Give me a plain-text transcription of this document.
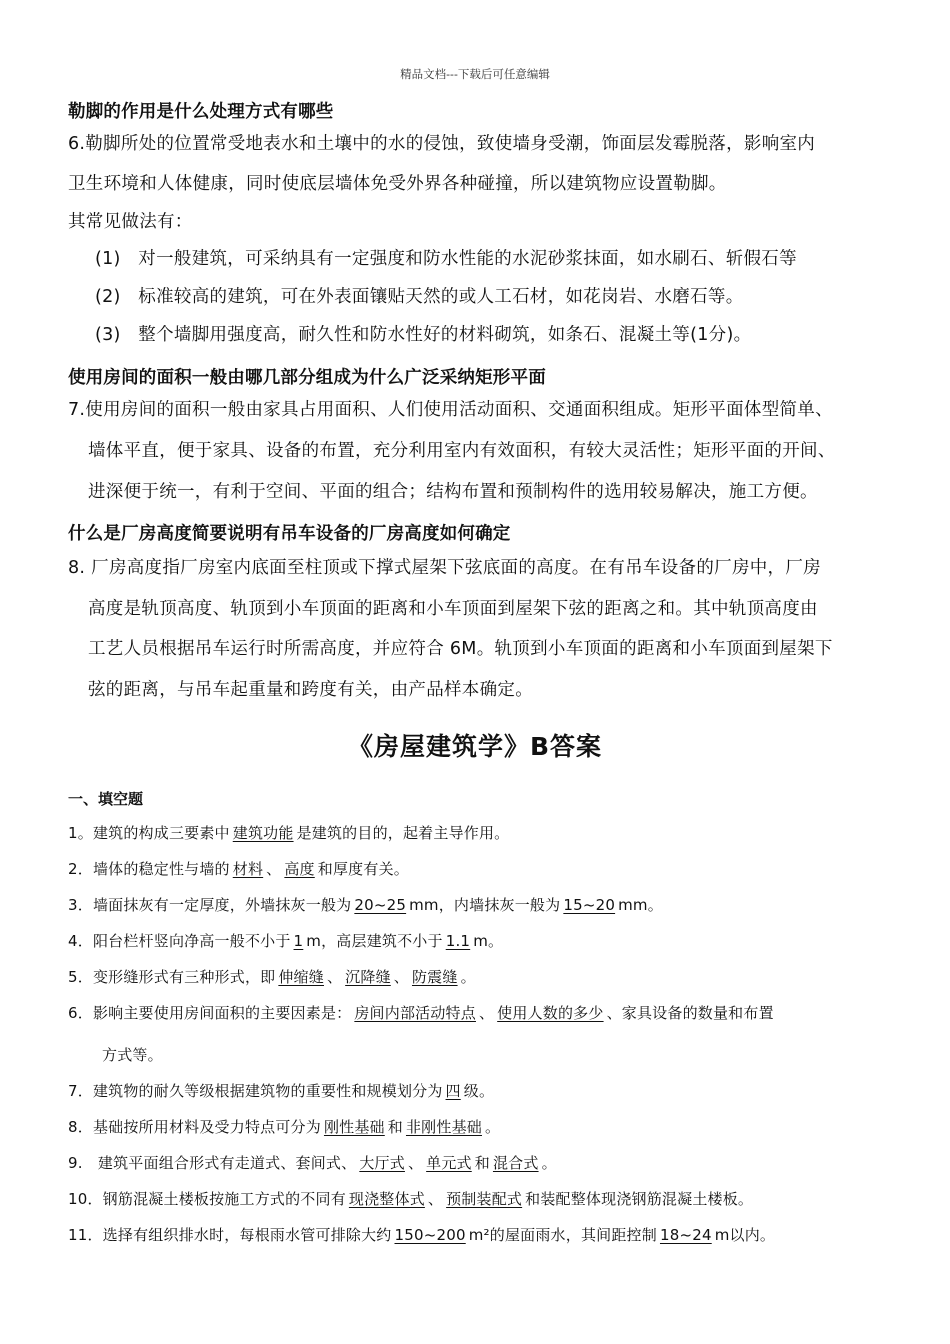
精品文档---下载后可任意编辑
勒脚的作用是什么处理方式有哪些
6.勒脚所处的位置常受地表水和土壤中的水的侵蚀，致使墙身受潮，饰面层发霉脱落，影响室内
卫生环境和人体健康，同时使底层墙体免受外界各种碰撞，所以建筑物应设置勒脚。
其常见做法有：
(1) 对一般建筑，可采纳具有一定强度和防水性能的水泥砂浆抹面，如水刷石、斩假石等
(2) 标准较高的建筑，可在外表面镶贴天然的或人工石材，如花岗岩、水磨石等。
(3) 整个墙脚用强度高，耐久性和防水性好的材料砌筑，如条石、混凝土等(1分)。
使用房间的面积一般由哪几部分组成为什么广泛采纳矩形平面
7.使用房间的面积一般由家具占用面积、人们使用活动面积、交通面积组成。矩形平面体型简单、
墙体平直，便于家具、设备的布置，充分利用室内有效面积，有较大灵活性；矩形平面的开间、
进深便于统一，有利于空间、平面的组合；结构布置和预制构件的选用较易解决，施工方便。
什么是厂房高度简要说明有吊车设备的厂房高度如何确定
8. 厂房高度指厂房室内底面至柱顶或下撑式屋架下弦底面的高度。在有吊车设备的厂房中，厂房
高度是轨顶高度、轨顶到小车顶面的距离和小车顶面到屋架下弦的距离之和。其中轨顶高度由
工艺人员根据吊车运行时所需高度，并应符合 6M。轨顶到小车顶面的距离和小车顶面到屋架下
弦的距离，与吊车起重量和跨度有关，由产品样本确定。
《房屋建筑学》B答案
一、填空题
1。建筑的构成三要素中 建筑功能 是建筑的目的，起着主导作用。
2．墙体的稳定性与墙的 材料 、 高度 和厚度有关。
3．墙面抹灰有一定厚度，外墙抹灰一般为 20~25 mm，内墙抹灰一般为 15~20 mm。
4．阳台栏杆竖向净高一般不小于 1 m，高层建筑不小于 1.1 m。
5．变形缝形式有三种形式，即 伸缩缝 、 沉降缝 、 防震缝 。
6．影响主要使用房间面积的主要因素是： 房间内部活动特点 、 使用人数的多少 、家具设备的数量和布置
方式等。
7．建筑物的耐久等级根据建筑物的重要性和规模划分为 四 级。
8．基础按所用材料及受力特点可分为 刚性基础 和 非刚性基础 。
9.　建筑平面组合形式有走道式、套间式、 大厅式 、 单元式 和 混合式 。
10．钢筋混凝土楼板按施工方式的不同有 现浇整体式 、 预制装配式 和装配整体现浇钢筋混凝土楼板。
11．选择有组织排水时，每根雨水管可排除大约 150~200 m²的屋面雨水，其间距控制 18~24 m以内。
